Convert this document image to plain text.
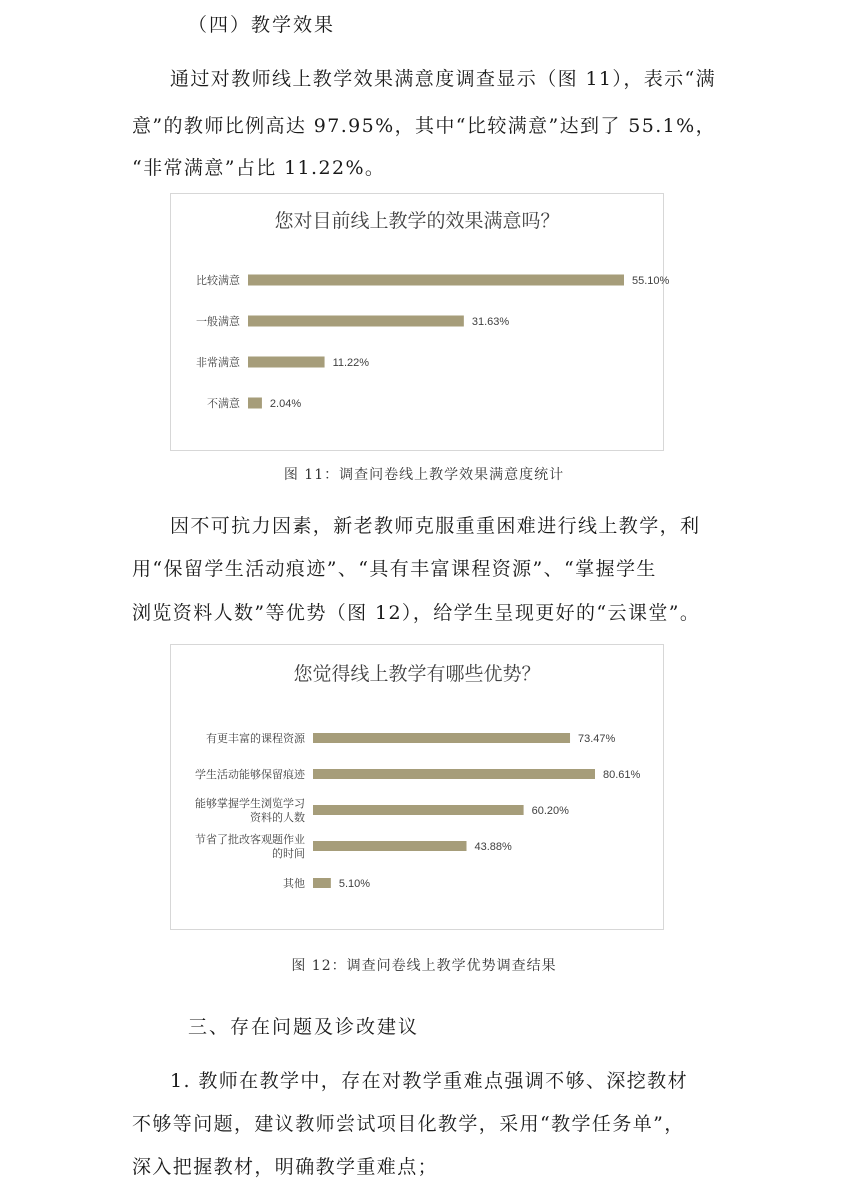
（四）教学效果
通过对教师线上教学效果满意度调查显示（图 11），表示“满
意”的教师比例高达 97.95%，其中“比较满意”达到了 55.1%，
“非常满意”占比 11.22%。
您对目前线上教学的效果满意吗？
55.10%
比较满意
31.63%
一般满意
11.22%
非常满意
2.04%
不满意
图 11：调查问卷线上教学效果满意度统计
因不可抗力因素，新老教师克服重重困难进行线上教学，利
用“保留学生活动痕迹”、“具有丰富课程资源”、“掌握学生
浏览资料人数”等优势（图 12），给学生呈现更好的“云课堂”。
您觉得线上教学有哪些优势？
73.47%
有更丰富的课程资源
80.61%
学生活动能够保留痕迹
60.20%
能够掌握学生浏览学习
资料的人数
43.88%
节省了批改客观题作业
的时间
5.10%
其他
图 12：调查问卷线上教学优势调查结果
三、存在问题及诊改建议
1. 教师在教学中，存在对教学重难点强调不够、深挖教材
不够等问题，建议教师尝试项目化教学，采用“教学任务单”，
深入把握教材，明确教学重难点；
